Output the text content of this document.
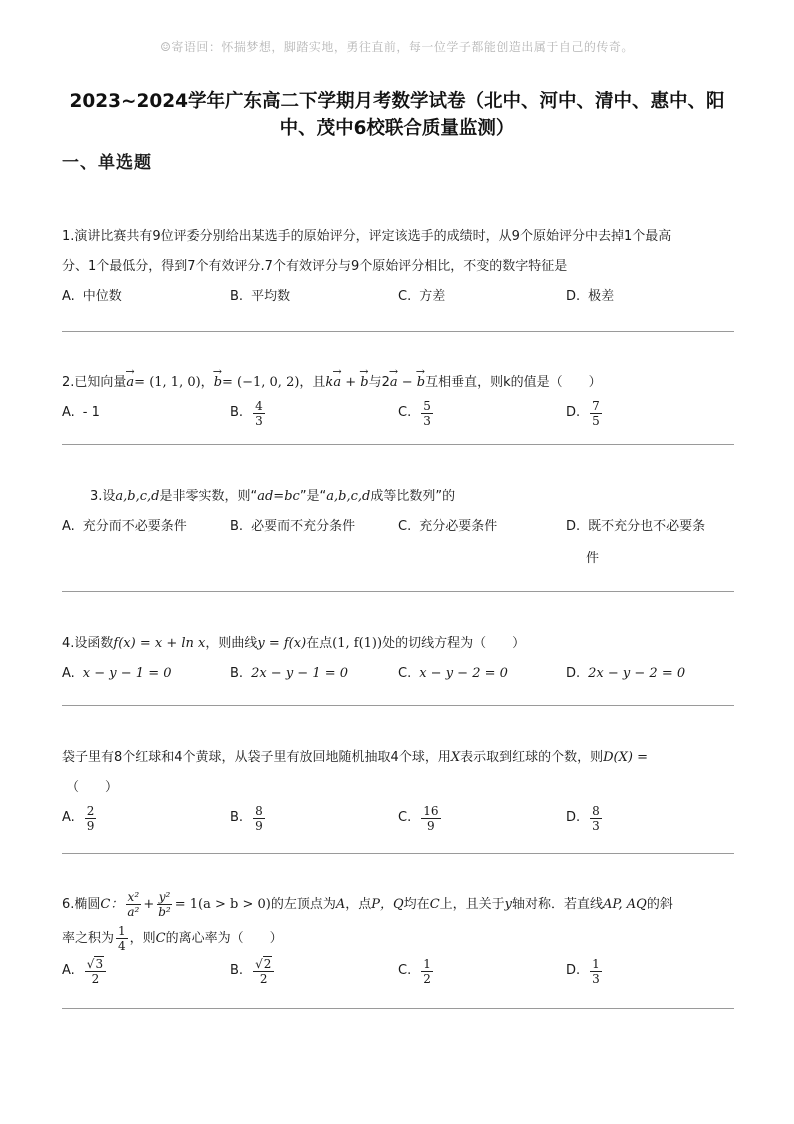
☺寄语回：怀揣梦想，脚踏实地，勇往直前，每一位学子都能创造出属于自己的传奇。
2023~2024学年广东高二下学期月考数学试卷（北中、河中、清中、惠中、阳
中、茂中6校联合质量监测）
一、单选题
1.演讲比赛共有9位评委分别给出某选手的原始评分，评定该选手的成绩时，从9个原始评分中去掉1个最高
分、1个最低分，得到7个有效评分.7个有效评分与9个原始评分相比，不变的数字特征是
A. 中位数	B. 平均数	C. 方差	D. 极差
2.已知向量→ a= (1, 1, 0)，→ b= (−1, 0, 2)，且k→ a + → b与2→ a − → b互相垂直，则k的值是（　　）
A. - 1	B. $\frac{4}{3}$	C. $\frac{5}{3}$	D. $\frac{7}{5}$
3.设a,b,c,d是非零实数，则“ad=bc”是“a,b,c,d成等比数列”的
A. 充分而不必要条件	B. 必要而不充分条件	C. 充分必要条件	D. 既不充分也不必要条
件
4.设函数f(x) = x + ln x，则曲线y = f(x)在点(1, f(1))处的切线方程为（　　）
A. x − y − 1 = 0	B. 2x − y − 1 = 0	C. x − y − 2 = 0	D. 2x − y − 2 = 0
袋子里有8个红球和4个黄球，从袋子里有放回地随机抽取4个球，用X表示取到红球的个数，则D(X) =
（　　）
A. $\frac{2}{9}$	B. $\frac{8}{9}$	C. $\frac{16}{9}$	D. $\frac{8}{3}$
6.椭圆C： $\frac{\text{x²}}{\text{a²}} + \frac{\text{y²}}{\text{b²}} = 1(a > b > 0)$的左顶点为A，点P，Q均在C上，且关于y轴对称．若直线AP, AQ的斜
率之积为 $\frac{1}{4}$ ，则C的离心率为（　　）
A. $\frac{√3}{2}$	B. $\frac{√2}{2}$	C. $\frac{1}{2}$	D. $\frac{1}{3}$
